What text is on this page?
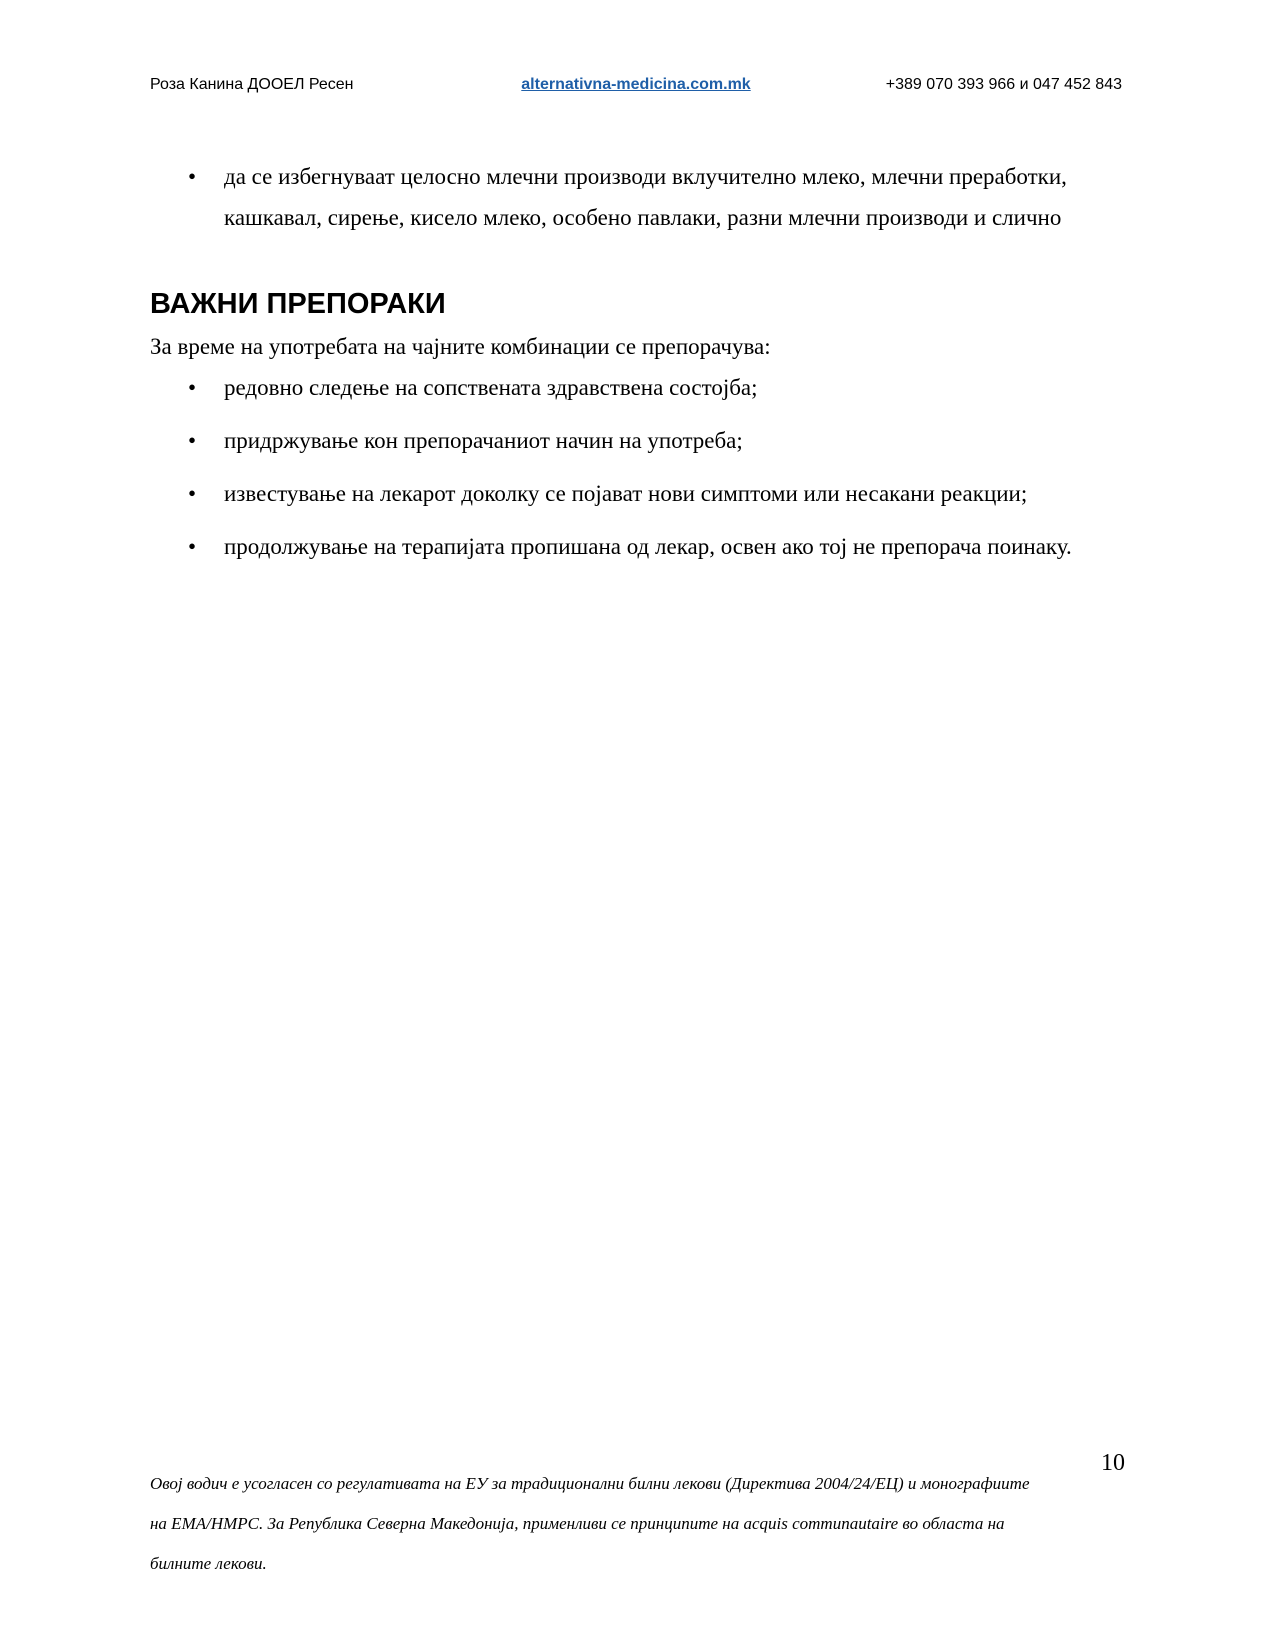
Роза Канина ДООЕЛ Ресен	alternativna-medicina.com.mk	+389 070 393 966 и 047 452 843
• да се избегнуваат целосно млечни производи вклучително млеко, млечни преработки, кашкавал, сирење, кисело млеко, особено павлаки, разни млечни производи и слично
ВАЖНИ ПРЕПОРАКИ

За време на употребата на чајните комбинации се препорачува:

• редовно следење на сопствената здравствена состојба;
• придржување кон препорачаниот начин на употреба;
• известување на лекарот доколку се појават нови симптоми или несакани реакции;
• продолжување на терапијата пропишана од лекар, освен ако тој не препорача поинаку.
10
Овој водич е усогласен со регулативата на ЕУ за традиционални билни лекови (Директива 2004/24/ЕЦ) и монографиите на ЕМА/HMPC. За Република Северна Македонија, применливи се принципите на acquis communautaire во областа на билните лекови.
